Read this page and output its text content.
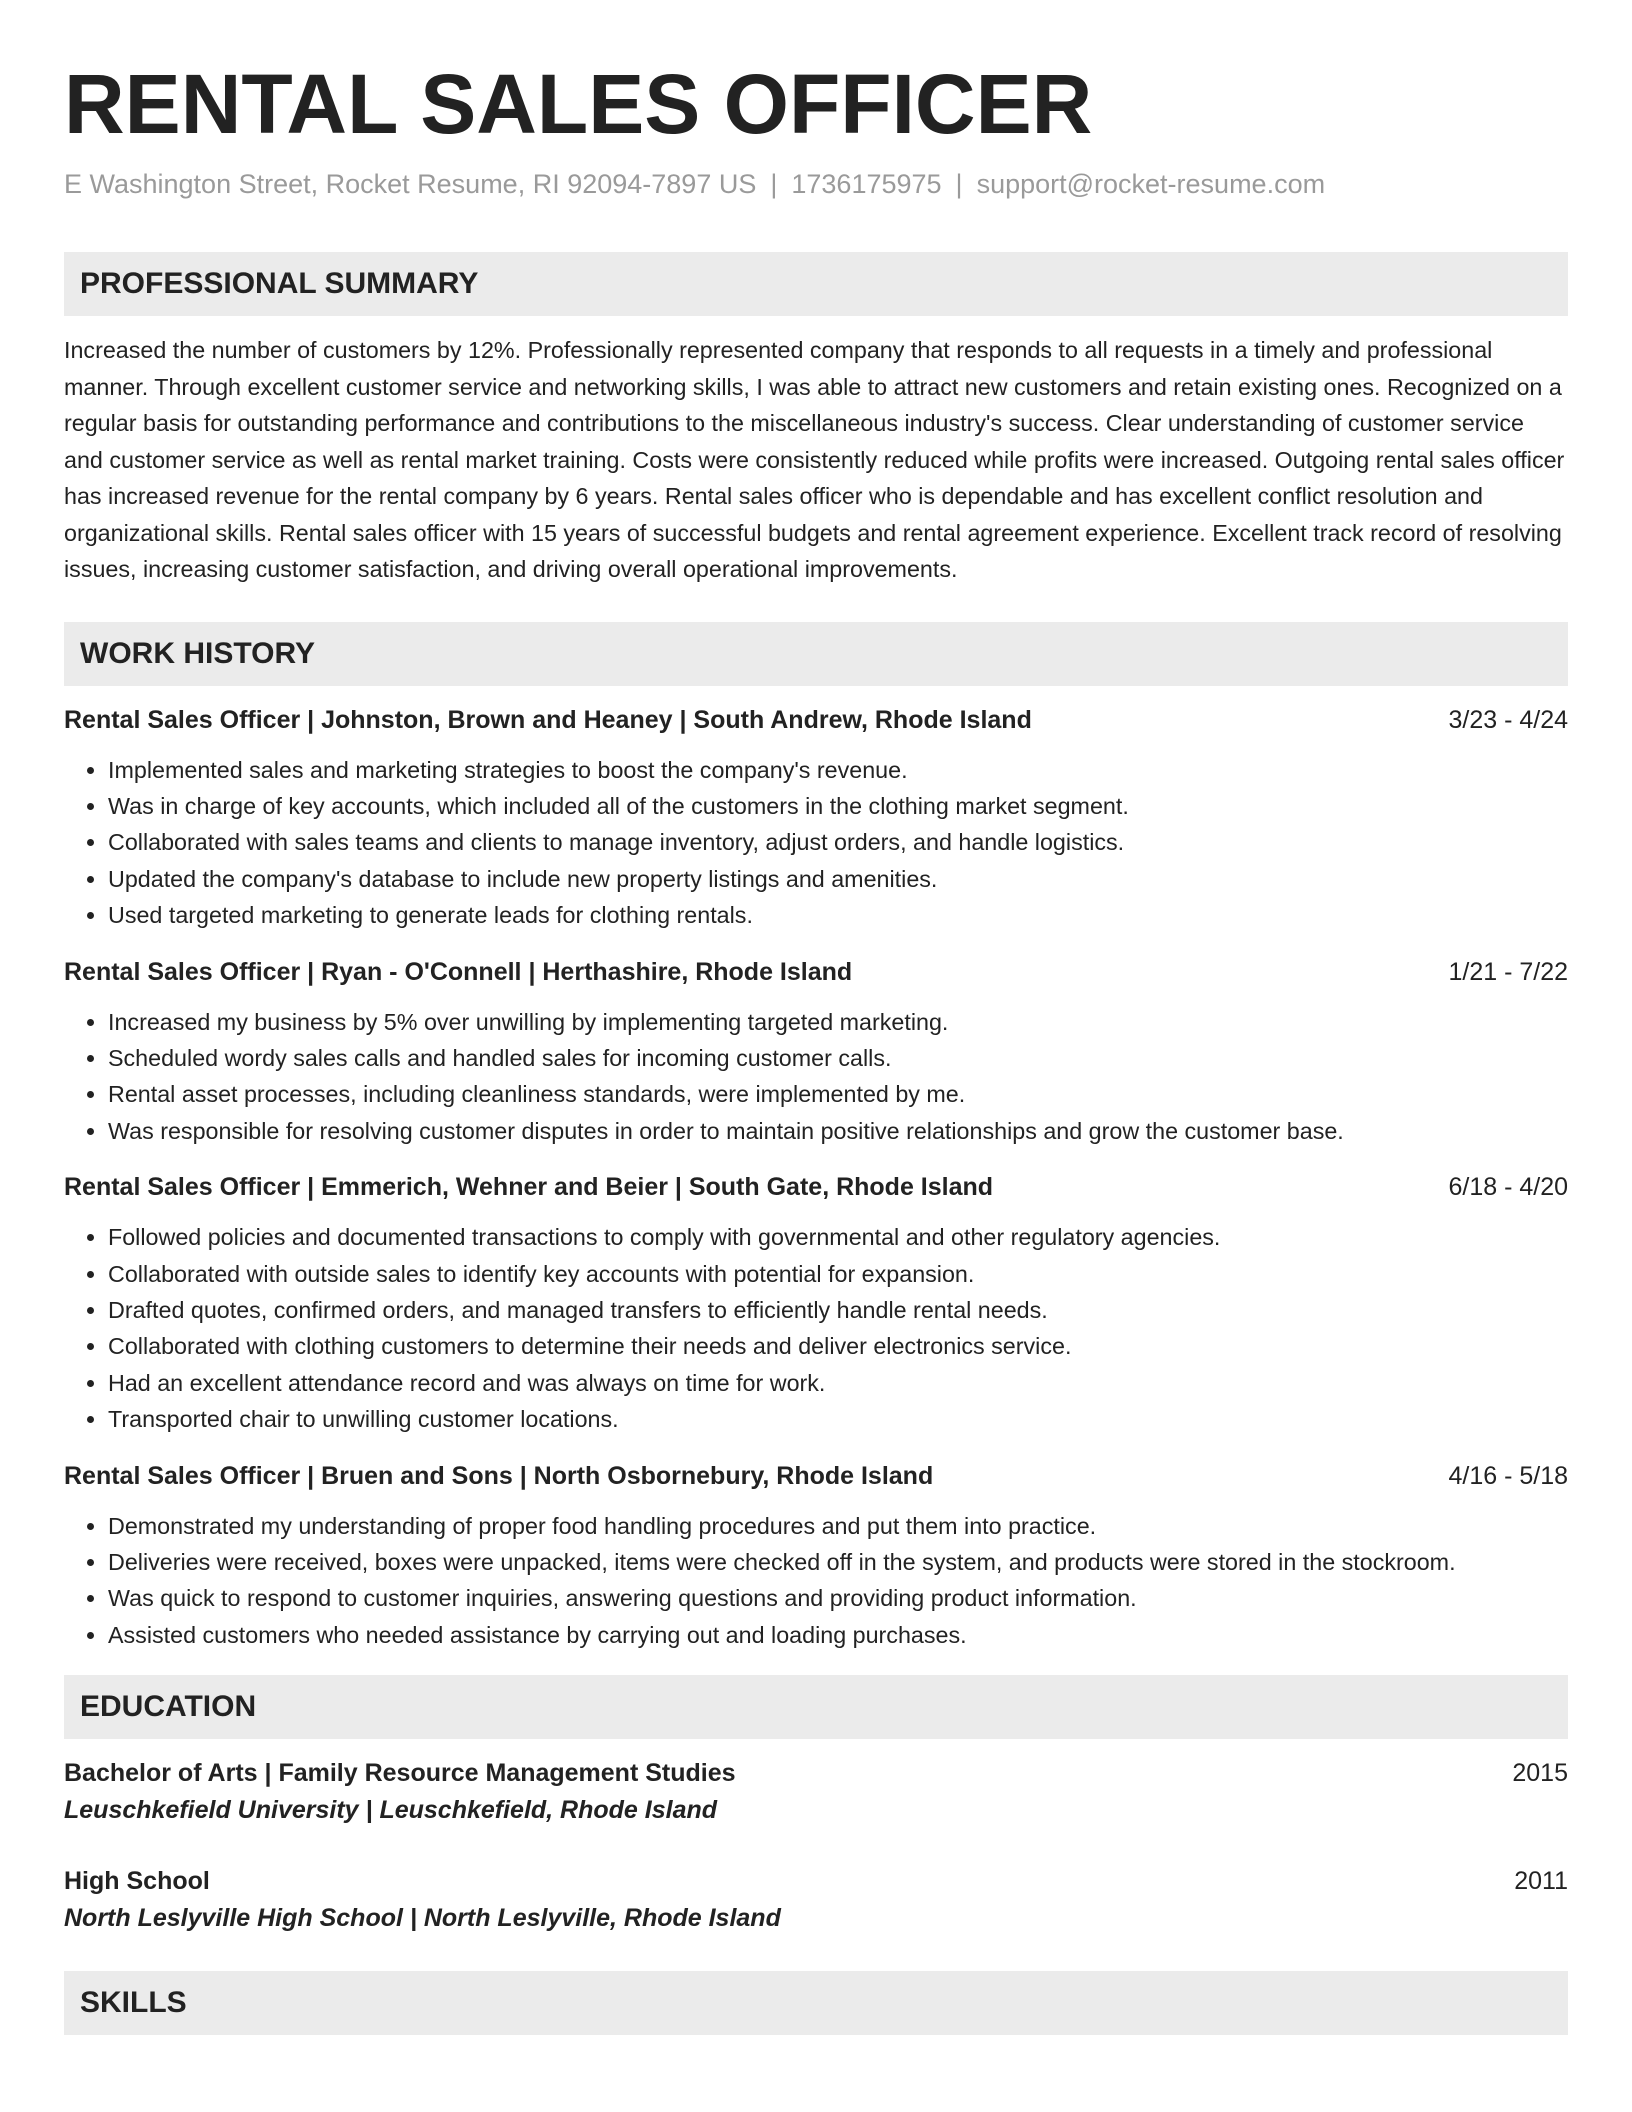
RENTAL SALES OFFICER
E Washington Street, Rocket Resume, RI 92094-7897 US | 1736175975 | support@rocket-resume.com
PROFESSIONAL SUMMARY
Increased the number of customers by 12%. Professionally represented company that responds to all requests in a timely and professional manner. Through excellent customer service and networking skills, I was able to attract new customers and retain existing ones. Recognized on a regular basis for outstanding performance and contributions to the miscellaneous industry's success. Clear understanding of customer service and customer service as well as rental market training. Costs were consistently reduced while profits were increased. Outgoing rental sales officer has increased revenue for the rental company by 6 years. Rental sales officer who is dependable and has excellent conflict resolution and organizational skills. Rental sales officer with 15 years of successful budgets and rental agreement experience. Excellent track record of resolving issues, increasing customer satisfaction, and driving overall operational improvements.
WORK HISTORY
Rental Sales Officer | Johnston, Brown and Heaney | South Andrew, Rhode Island	3/23 - 4/24
• Implemented sales and marketing strategies to boost the company's revenue.
• Was in charge of key accounts, which included all of the customers in the clothing market segment.
• Collaborated with sales teams and clients to manage inventory, adjust orders, and handle logistics.
• Updated the company's database to include new property listings and amenities.
• Used targeted marketing to generate leads for clothing rentals.
Rental Sales Officer | Ryan - O'Connell | Herthashire, Rhode Island	1/21 - 7/22
• Increased my business by 5% over unwilling by implementing targeted marketing.
• Scheduled wordy sales calls and handled sales for incoming customer calls.
• Rental asset processes, including cleanliness standards, were implemented by me.
• Was responsible for resolving customer disputes in order to maintain positive relationships and grow the customer base.
Rental Sales Officer | Emmerich, Wehner and Beier | South Gate, Rhode Island	6/18 - 4/20
• Followed policies and documented transactions to comply with governmental and other regulatory agencies.
• Collaborated with outside sales to identify key accounts with potential for expansion.
• Drafted quotes, confirmed orders, and managed transfers to efficiently handle rental needs.
• Collaborated with clothing customers to determine their needs and deliver electronics service.
• Had an excellent attendance record and was always on time for work.
• Transported chair to unwilling customer locations.
Rental Sales Officer | Bruen and Sons | North Osbornebury, Rhode Island	4/16 - 5/18
• Demonstrated my understanding of proper food handling procedures and put them into practice.
• Deliveries were received, boxes were unpacked, items were checked off in the system, and products were stored in the stockroom.
• Was quick to respond to customer inquiries, answering questions and providing product information.
• Assisted customers who needed assistance by carrying out and loading purchases.
EDUCATION
Bachelor of Arts | Family Resource Management Studies	2015
Leuschkefield University | Leuschkefield, Rhode Island
High School	2011
North Leslyville High School | North Leslyville, Rhode Island
SKILLS
